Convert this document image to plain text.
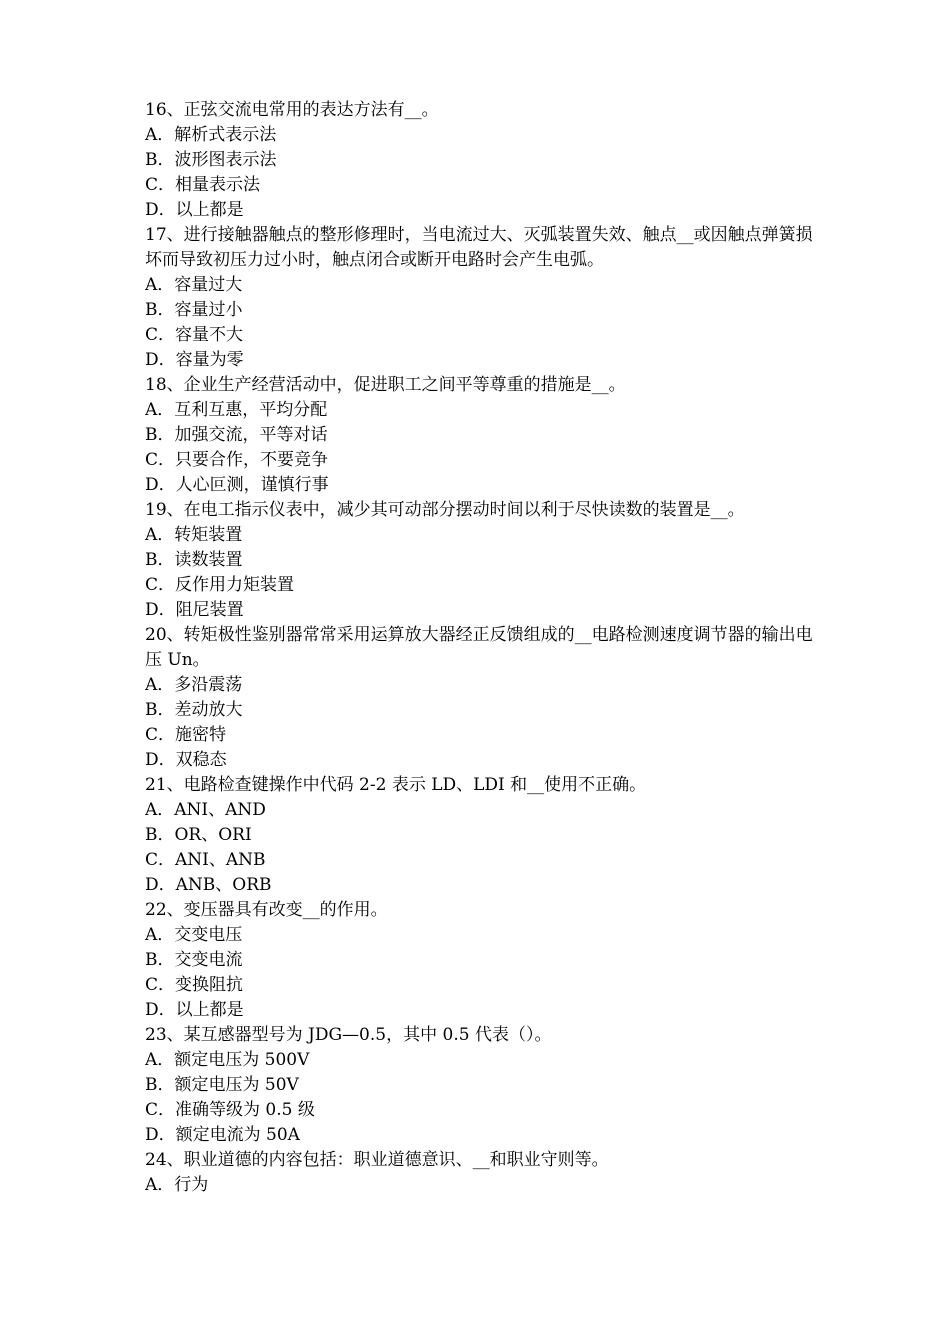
16、正弦交流电常用的表达方法有__。
A．解析式表示法
B．波形图表示法
C．相量表示法
D．以上都是
17、进行接触器触点的整形修理时，当电流过大、灭弧装置失效、触点__或因触点弹簧损坏而导致初压力过小时，触点闭合或断开电路时会产生电弧。
A．容量过大
B．容量过小
C．容量不大
D．容量为零
18、企业生产经营活动中，促进职工之间平等尊重的措施是__。
A．互利互惠，平均分配
B．加强交流，平等对话
C．只要合作，不要竞争
D．人心叵测，谨慎行事
19、在电工指示仪表中，减少其可动部分摆动时间以利于尽快读数的装置是__。
A．转矩装置
B．读数装置
C．反作用力矩装置
D．阻尼装置
20、转矩极性鉴别器常常采用运算放大器经正反馈组成的__电路检测速度调节器的输出电压 Un。
A．多沿震荡
B．差动放大
C．施密特
D．双稳态
21、电路检查键操作中代码 2-2 表示 LD、LDI 和__使用不正确。
A．ANI、AND
B．OR、ORI
C．ANI、ANB
D．ANB、ORB
22、变压器具有改变__的作用。
A．交变电压
B．交变电流
C．变换阻抗
D．以上都是
23、某互感器型号为 JDG—0.5，其中 0.5 代表（）。
A．额定电压为 500V
B．额定电压为 50V
C．准确等级为 0.5 级
D．额定电流为 50A
24、职业道德的内容包括：职业道德意识、__和职业守则等。
A．行为
